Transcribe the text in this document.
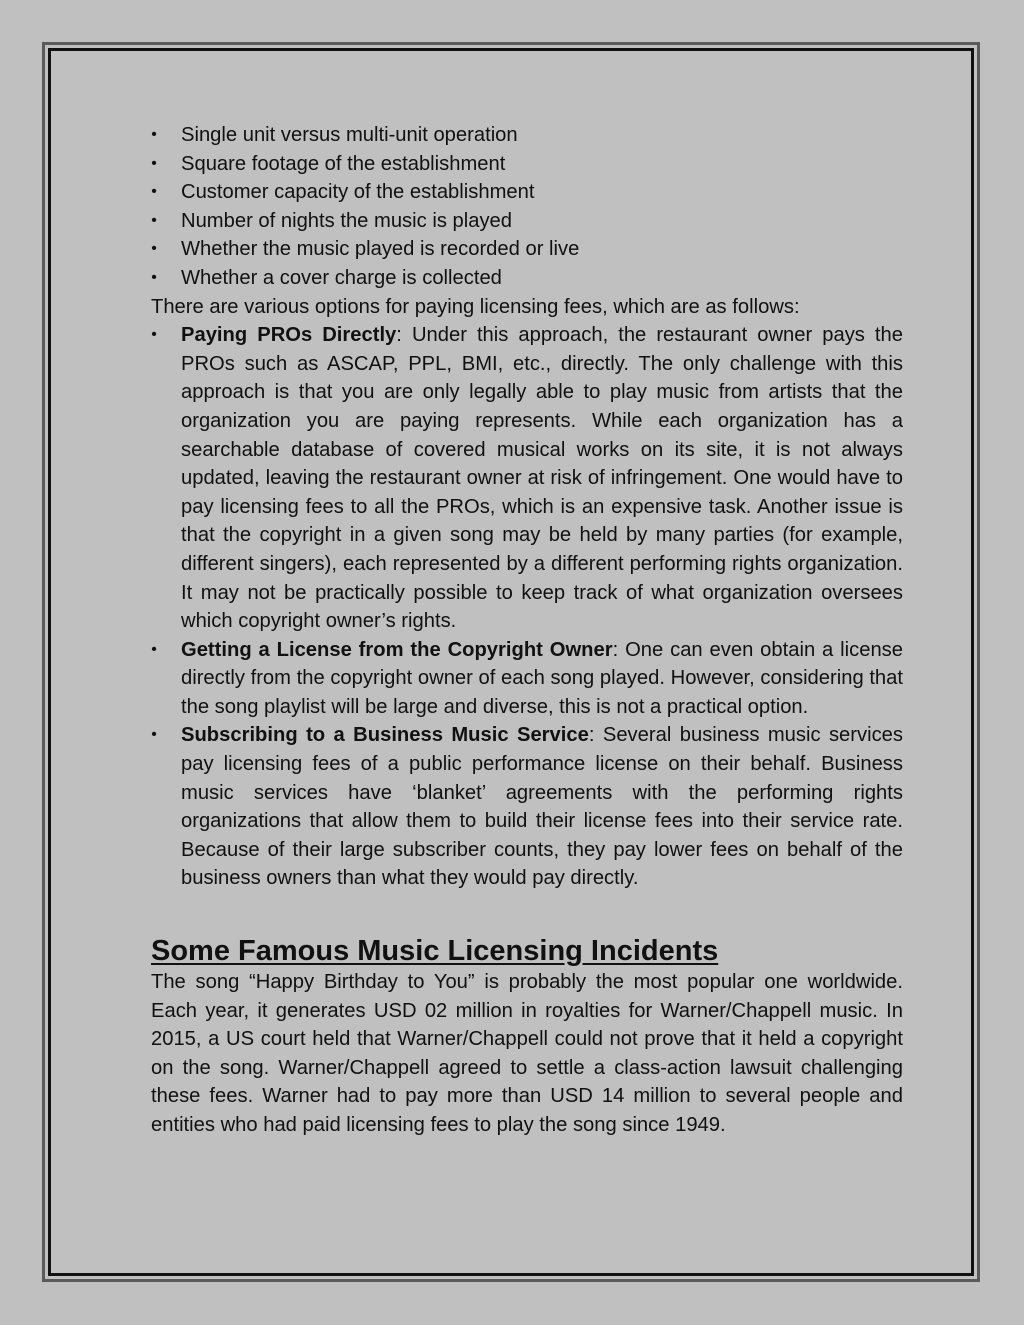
• Single unit versus multi-unit operation
• Square footage of the establishment
• Customer capacity of the establishment
• Number of nights the music is played
• Whether the music played is recorded or live
• Whether a cover charge is collected

There are various options for paying licensing fees, which are as follows:

• Paying PROs Directly: Under this approach, the restaurant owner pays the PROs such as ASCAP, PPL, BMI, etc., directly. The only challenge with this approach is that you are only legally able to play music from artists that the organization you are paying represents. While each organization has a searchable database of covered musical works on its site, it is not always updated, leaving the restaurant owner at risk of infringement. One would have to pay licensing fees to all the PROs, which is an expensive task. Another issue is that the copyright in a given song may be held by many parties (for example, different singers), each represented by a different performing rights organization. It may not be practically possible to keep track of what organization oversees which copyright owner’s rights.
• Getting a License from the Copyright Owner: One can even obtain a license directly from the copyright owner of each song played. However, considering that the song playlist will be large and diverse, this is not a practical option.
• Subscribing to a Business Music Service: Several business music services pay licensing fees of a public performance license on their behalf. Business music services have ‘blanket’ agreements with the performing rights organizations that allow them to build their license fees into their service rate. Because of their large subscriber counts, they pay lower fees on behalf of the business owners than what they would pay directly.
Some Famous Music Licensing Incidents

The song “Happy Birthday to You” is probably the most popular one worldwide. Each year, it generates USD 02 million in royalties for Warner/Chappell music. In 2015, a US court held that Warner/Chappell could not prove that it held a copyright on the song. Warner/Chappell agreed to settle a class-action lawsuit challenging these fees. Warner had to pay more than USD 14 million to several people and entities who had paid licensing fees to play the song since 1949.
